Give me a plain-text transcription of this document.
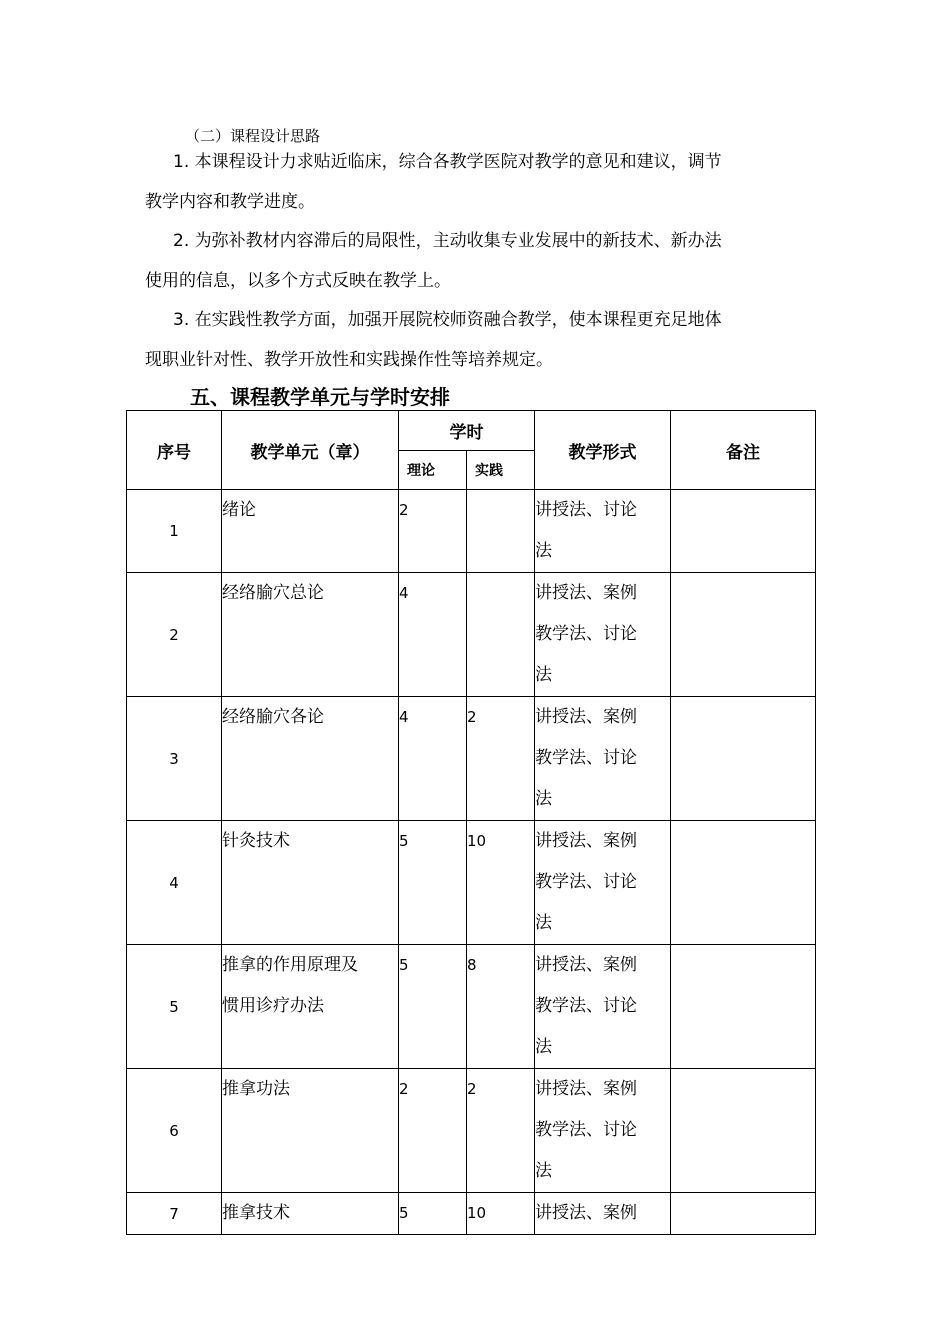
（二）课程设计思路
1. 本课程设计力求贴近临床，综合各教学医院对教学的意见和建议，调节
教学内容和教学进度。
2. 为弥补教材内容滞后的局限性，主动收集专业发展中的新技术、新办法
使用的信息，以多个方式反映在教学上。
3. 在实践性教学方面，加强开展院校师资融合教学，使本课程更充足地体
现职业针对性、教学开放性和实践操作性等培养规定。
五、课程教学单元与学时安排
序号	教学单元（章）	学时		教学形式	备注
		理论	实践		
1	绪论	2		讲授法、讨论
法	

2	经络腧穴总论	4		讲授法、案例
教学法、讨论
法	

3	经络腧穴各论	4	2	讲授法、案例
教学法、讨论
法	

4	针灸技术	5	10	讲授法、案例
教学法、讨论
法	

5	推拿的作用原理及
惯用诊疗办法	5	8	讲授法、案例
教学法、讨论
法	

6	推拿功法	2	2	讲授法、案例
教学法、讨论
法	

7	推拿技术	5	10	讲授法、案例	
